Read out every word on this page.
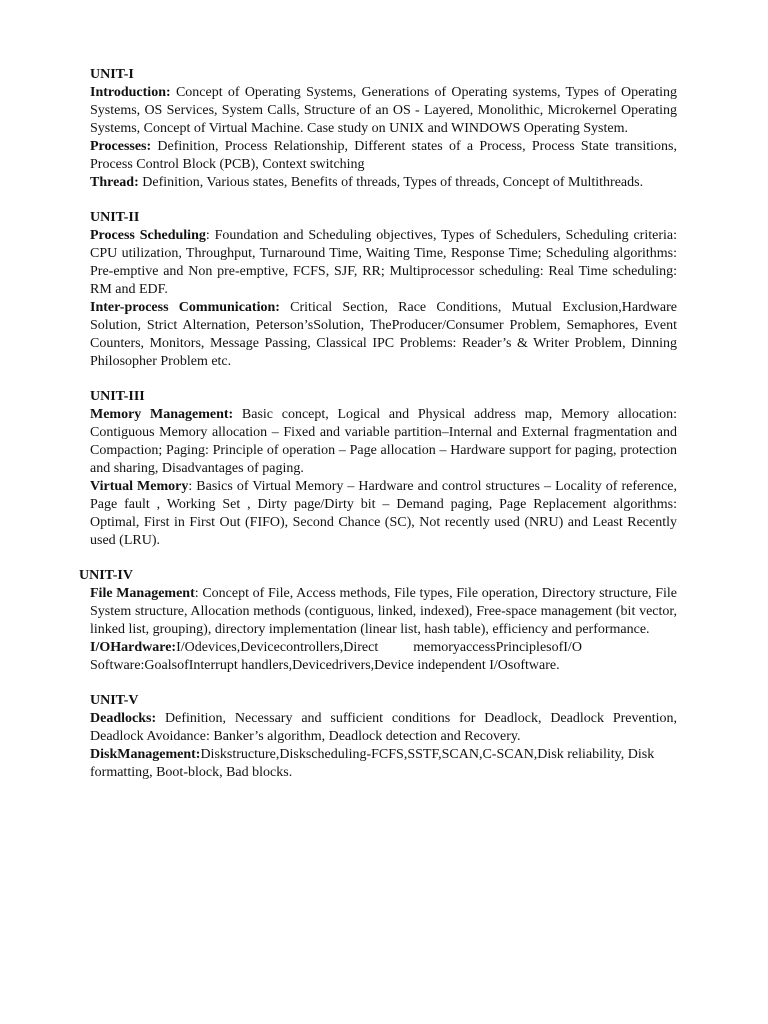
UNIT-I

Introduction: Concept of Operating Systems, Generations of Operating systems, Types of Operating Systems, OS Services, System Calls, Structure of an OS - Layered, Monolithic, Microkernel Operating Systems, Concept of Virtual Machine. Case study on UNIX and WINDOWS Operating System.

Processes: Definition, Process Relationship, Different states of a Process, Process State transitions, Process Control Block (PCB), Context switching

Thread: Definition, Various states, Benefits of threads, Types of threads, Concept of Multithreads.

UNIT-II

Process Scheduling: Foundation and Scheduling objectives, Types of Schedulers, Scheduling criteria: CPU utilization, Throughput, Turnaround Time, Waiting Time, Response Time; Scheduling algorithms: Pre-emptive and Non pre-emptive, FCFS, SJF, RR; Multiprocessor scheduling: Real Time scheduling: RM and EDF.

Inter-process Communication: Critical Section, Race Conditions, Mutual Exclusion,Hardware Solution, Strict Alternation, Peterson’sSolution, TheProducer/Consumer Problem, Semaphores, Event Counters, Monitors, Message Passing, Classical IPC Problems: Reader’s & Writer Problem, Dinning Philosopher Problem etc.

UNIT-III

Memory Management: Basic concept, Logical and Physical address map, Memory allocation: Contiguous Memory allocation – Fixed and variable partition–Internal and External fragmentation and Compaction; Paging: Principle of operation – Page allocation – Hardware support for paging, protection and sharing, Disadvantages of paging.

Virtual Memory: Basics of Virtual Memory – Hardware and control structures – Locality of reference, Page fault , Working Set , Dirty page/Dirty bit – Demand paging, Page Replacement algorithms: Optimal, First in First Out (FIFO), Second Chance (SC), Not recently used (NRU) and Least Recently used (LRU).

UNIT-IV

File Management: Concept of File, Access methods, File types, File operation, Directory structure, File System structure, Allocation methods (contiguous, linked, indexed), Free-space management (bit vector, linked list, grouping), directory implementation (linear list, hash table), efficiency and performance.

I/OHardware:I/Odevices,Devicecontrollers,Direct          memoryaccessPrinciplesofI/O Software:GoalsofInterrupt handlers,Devicedrivers,Device independent I/Osoftware.

UNIT-V

Deadlocks: Definition, Necessary and sufficient conditions for Deadlock, Deadlock Prevention, Deadlock Avoidance: Banker’s algorithm, Deadlock detection and Recovery.

DiskManagement:Diskstructure,Diskscheduling-FCFS,SSTF,SCAN,C-SCAN,Disk reliability, Disk formatting, Boot-block, Bad blocks.
